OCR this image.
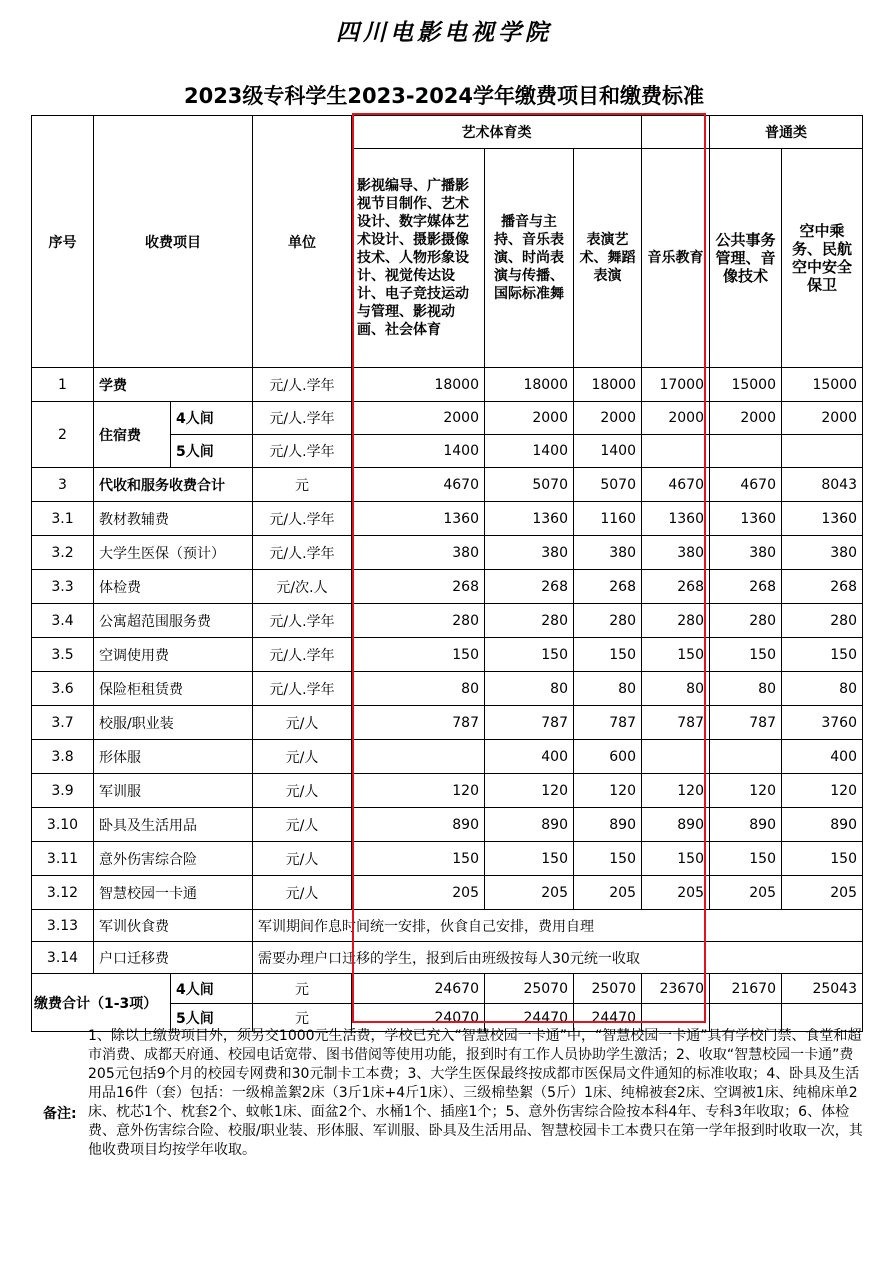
四川电影电视学院
2023级专科学生2023-2024学年缴费项目和缴费标准
序号	收费项目		单位	艺术体育类				普通类	
				影视编导、广播影视节目制作、艺术设计、数字媒体艺术设计、摄影摄像技术、人物形象设计、视觉传达设计、电子竞技运动与管理、影视动画、社会体育	播音与主持、音乐表演、时尚表演与传播、国际标准舞	表演艺术、舞蹈表演	音乐教育	公共事务管理、音像技术	空中乘务、民航空中安全保卫
1	学费		元/人.学年	18000	18000	18000	17000	15000	15000
2	住宿费	4人间	元/人.学年	2000	2000	2000	2000	2000	2000
		5人间	元/人.学年	1400	1400	1400			
3	代收和服务收费合计		元	4670	5070	5070	4670	4670	8043
3.1	教材教辅费		元/人.学年	1360	1360	1160	1360	1360	1360
3.2	大学生医保（预计）		元/人.学年	380	380	380	380	380	380
3.3	体检费		元/次.人	268	268	268	268	268	268
3.4	公寓超范围服务费		元/人.学年	280	280	280	280	280	280
3.5	空调使用费		元/人.学年	150	150	150	150	150	150
3.6	保险柜租赁费		元/人.学年	80	80	80	80	80	80
3.7	校服/职业装		元/人	787	787	787	787	787	3760
3.8	形体服		元/人		400	600			400
3.9	军训服		元/人	120	120	120	120	120	120
3.10	卧具及生活用品		元/人	890	890	890	890	890	890
3.11	意外伤害综合险		元/人	150	150	150	150	150	150
3.12	智慧校园一卡通		元/人	205	205	205	205	205	205
3.13	军训伙食费		军训期间作息时间统一安排，伙食自己安排，费用自理						
3.14	户口迁移费		需要办理户口迁移的学生，报到后由班级按每人30元统一收取						
缴费合计（1-3项）		4人间	元	24670	25070	25070	23670	21670	25043
		5人间	元	24070	24470	24470			
备注:
1、除以上缴费项目外，须另交1000元生活费，学校已充入“智慧校园一卡通”中，“智慧校园一卡通”具有学校门禁、食堂和超市消费、成都天府通、校园电话宽带、图书借阅等使用功能，报到时有工作人员协助学生激活；2、收取“智慧校园一卡通”费205元包括9个月的校园专网费和30元制卡工本费；3、大学生医保最终按成都市医保局文件通知的标准收取；4、卧具及生活用品16件（套）包括：一级棉盖絮2床（3斤1床+4斤1床）、三级棉垫絮（5斤）1床、纯棉被套2床、空调被1床、纯棉床单2床、枕芯1个、枕套2个、蚊帐1床、面盆2个、水桶1个、插座1个；5、意外伤害综合险按本科4年、专科3年收取；6、体检费、意外伤害综合险、校服/职业装、形体服、军训服、卧具及生活用品、智慧校园卡工本费只在第一学年报到时收取一次，其他收费项目均按学年收取。
